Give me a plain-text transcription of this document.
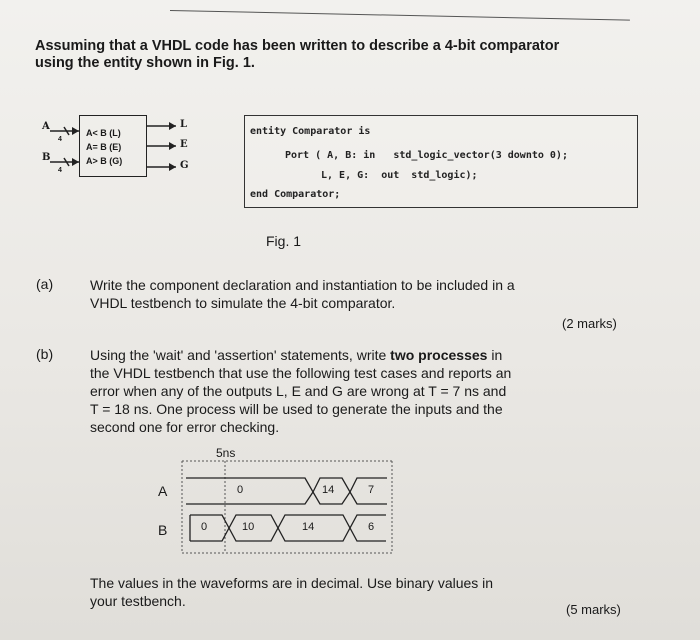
Assuming that a VHDL code has been written to describe a 4-bit comparator
using the entity shown in Fig. 1.
A
B
4
4
A< B (L)
A= B (E)
A> B (G)
L
E
G
entity Comparator is
Port ( A, B: in   std_logic_vector(3 downto 0);
L, E, G:  out  std_logic);
end Comparator;
Fig. 1
(a)	Write the component declaration and instantiation to be included in a
VHDL testbench to simulate the 4-bit comparator.
(2 marks)
(b)	Using the 'wait' and 'assertion' statements, write two processes in
the VHDL testbench that use the following test cases and reports an
error when any of the outputs L, E and G are wrong at T = 7 ns and
T = 18 ns. One process will be used to generate the inputs and the
second one for error checking.
5ns
A
B
0	14	7
0	10	14	6
The values in the waveforms are in decimal. Use binary values in
your testbench.
(5 marks)
